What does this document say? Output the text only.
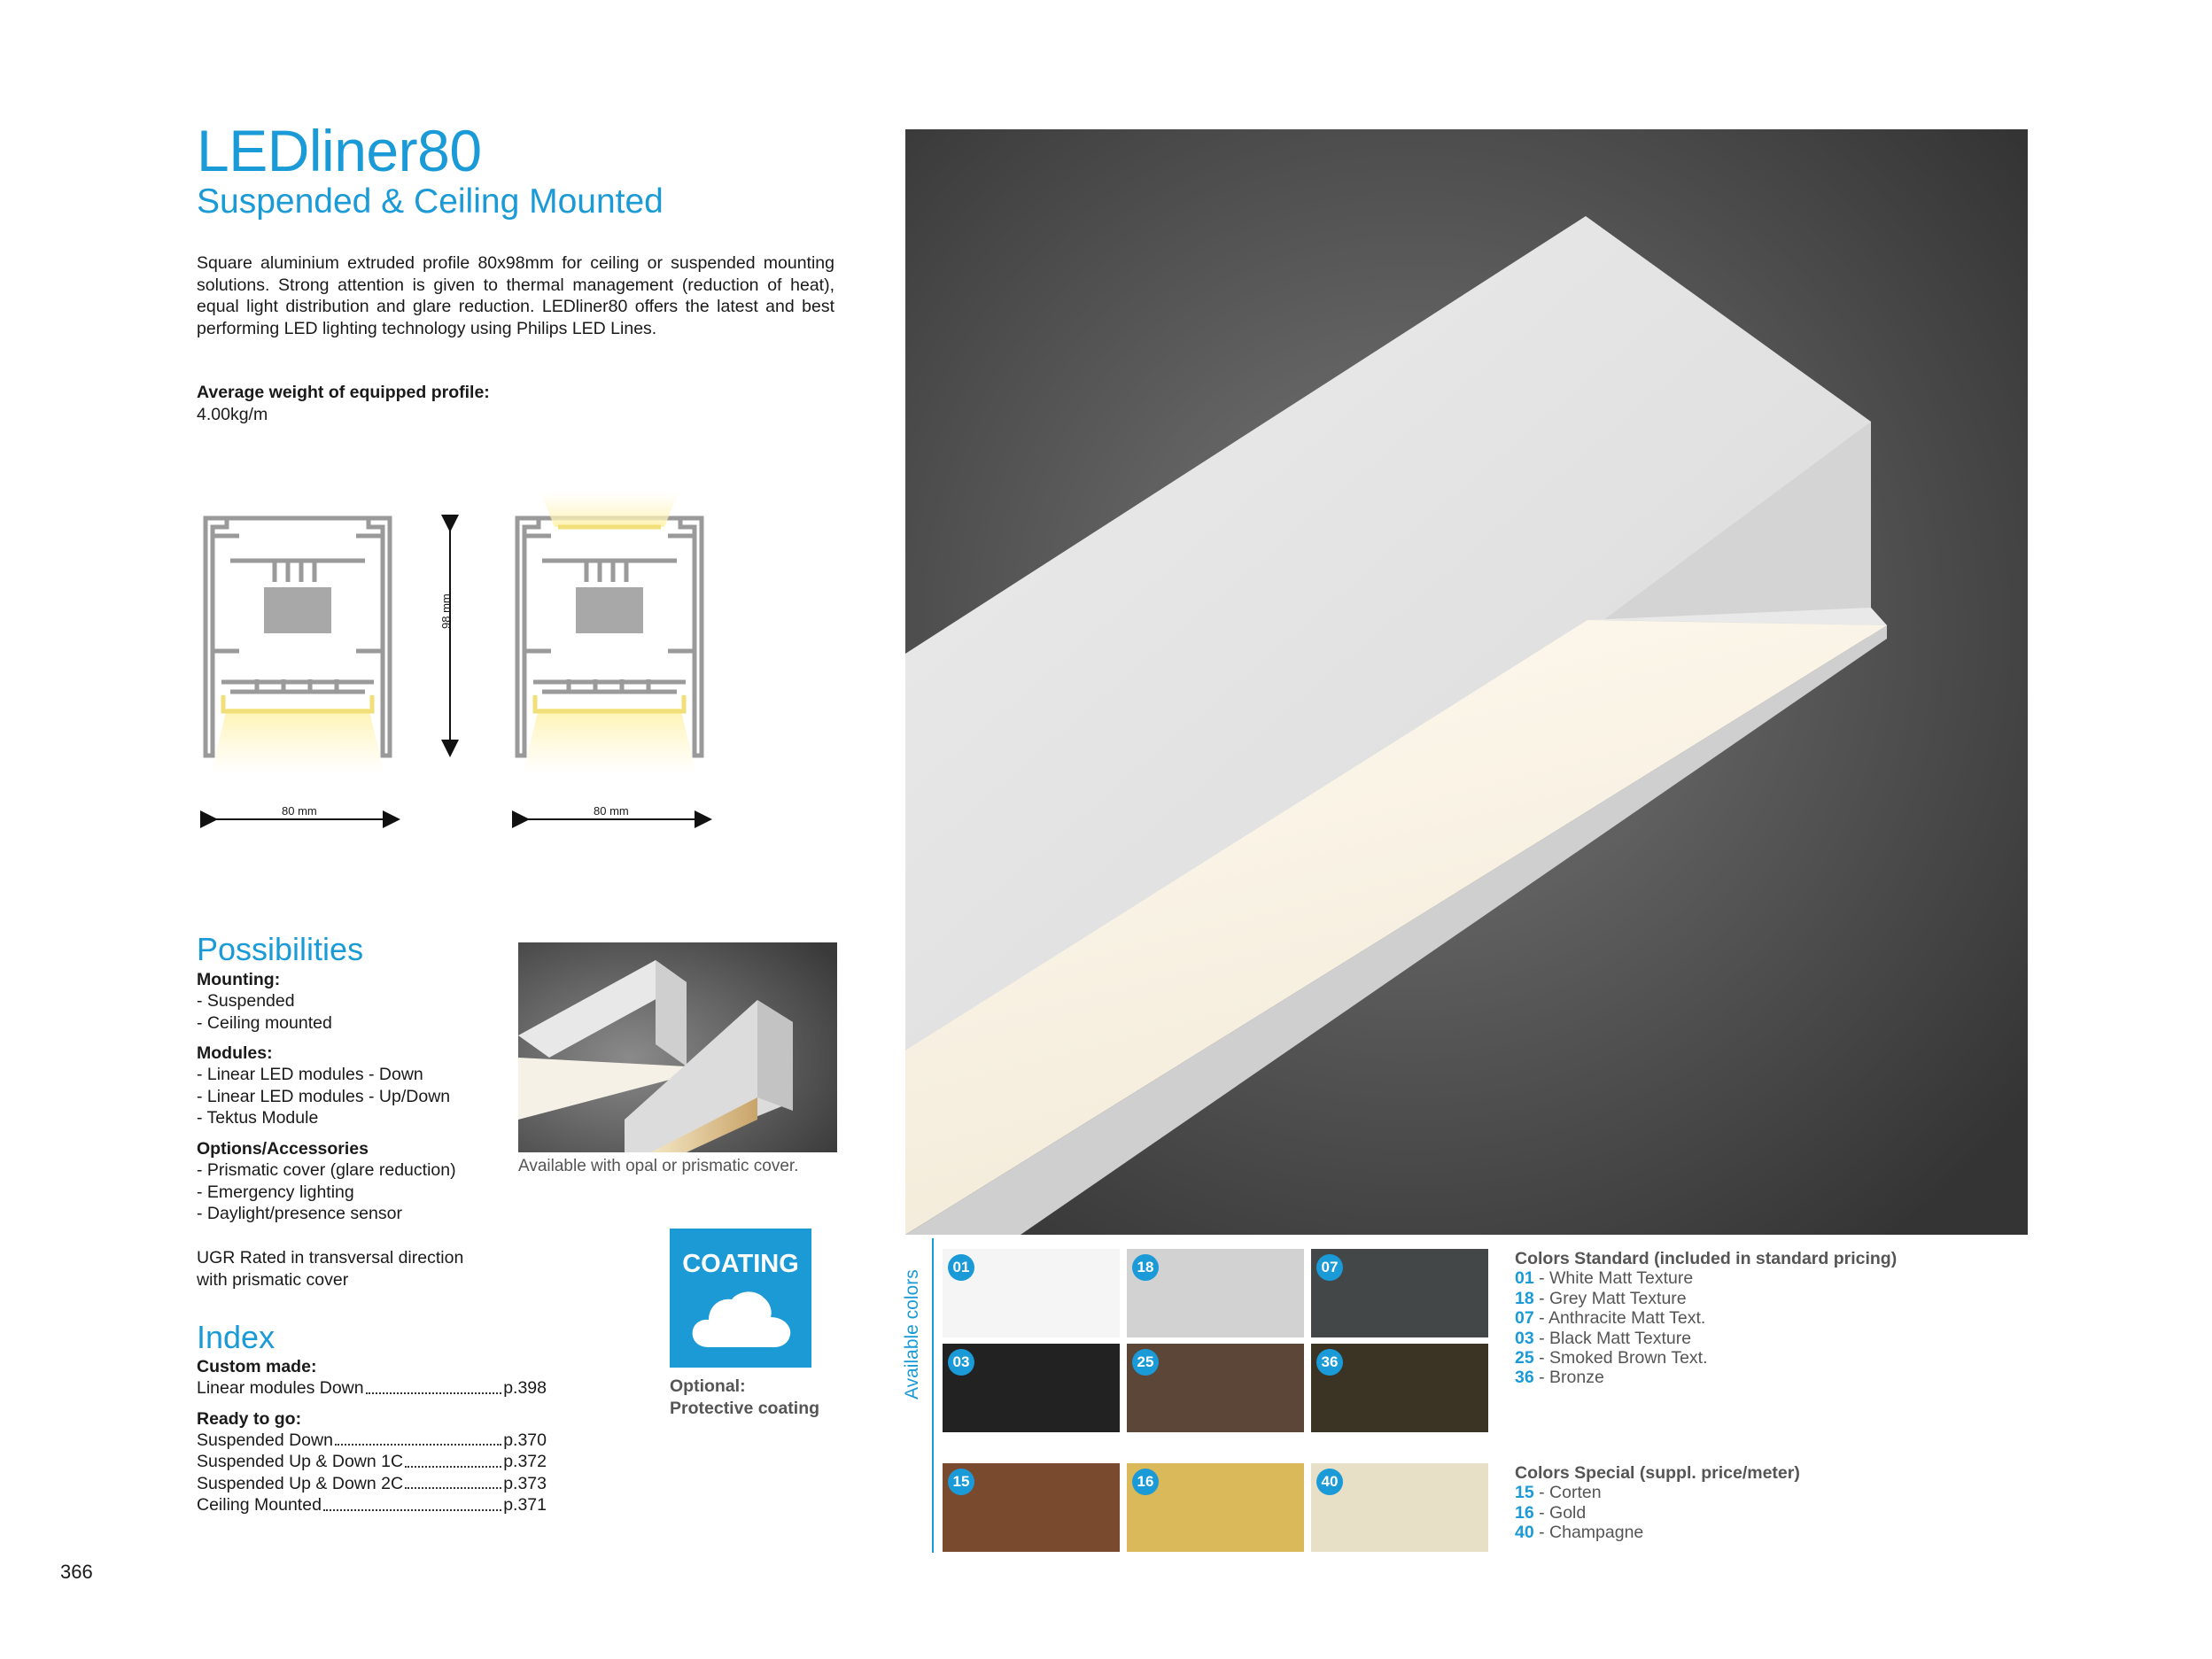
LEDliner80
Suspended & Ceiling Mounted
Square aluminium extruded profile 80x98mm for ceiling or suspended mounting solutions. Strong attention is given to thermal management (reduction of heat), equal light distribution and glare reduction. LEDliner80 offers the latest and best performing LED lighting technology using Philips LED Lines.
Average weight of equipped profile:
4.00kg/m
98 mm
80 mm	80 mm
Possibilities
Mounting:
- Suspended
- Ceiling mounted
Modules:
- Linear LED modules - Down
- Linear LED modules - Up/Down
- Tektus Module
Options/Accessories
- Prismatic cover (glare reduction)
- Emergency lighting
- Daylight/presence sensor
Available with opal or prismatic cover.
UGR Rated in transversal direction
with prismatic cover
COATING
Optional:
Protective coating
Index
Custom made:
Linear modules Down	p.398
Ready to go:
Suspended Down	p.370
Suspended Up & Down 1C	p.372
Suspended Up & Down 2C	p.373
Ceiling Mounted	p.371
366
Available colors
01	18	07
03	25	36
15	16	40
Colors Standard (included in standard pricing)
01 - White Matt Texture
18 - Grey Matt Texture
07 - Anthracite Matt Text.
03 - Black Matt Texture
25 - Smoked Brown Text.
36 - Bronze
Colors Special (suppl. price/meter)
15 - Corten
16 - Gold
40 - Champagne
